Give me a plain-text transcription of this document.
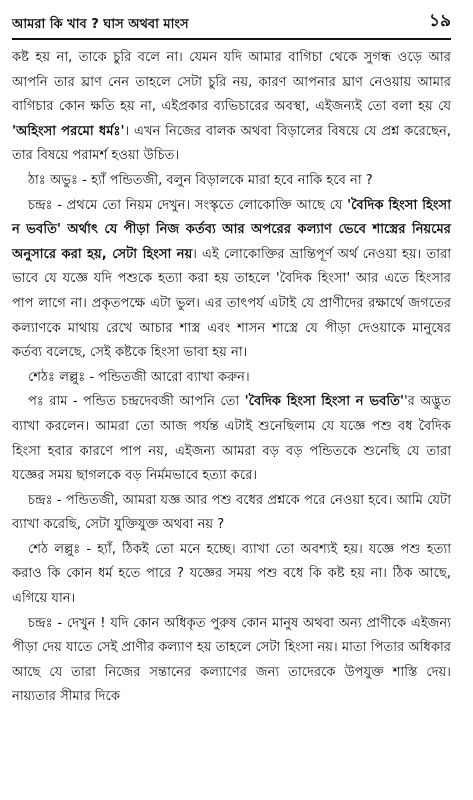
আমরা কি খাব ? ঘাস অথবা মাংস	১৯

কষ্ট হয় না, তাকে চুরি বলে না। যেমন যদি আমার বাগিচা থেকে সুগন্ধ ওড়ে আর আপনি তার ঘ্রাণ নেন তাহলে সেটা চুরি নয়, কারণ আপনার ঘ্রাণ নেওয়ায় আমার বাগিচার কোন ক্ষতি হয় না, এইপ্রকার ব্যভিচারের অবস্থা, এইজন্যই তো বলা হয় যে 'অহিংসা পরমো ধর্মঃ'। এখন নিজের বালক অথবা বিড়ালের বিষয়ে যে প্রশ্ন করেছেন, তার বিষয়ে পরামর্শ হওয়া উচিত।

ঠাঃ অভুঃ - হ্যাঁ পন্ডিতজী, বলুন বিড়ালকে মারা হবে নাকি হবে না ?

চন্দ্রঃ - প্রথমে তো নিয়ম দেখুন। সংস্কৃতে লোকোক্তি আছে যে 'বৈদিক হিংসা হিংসা ন ভবতি' অর্থাৎ যে পীড়া নিজ কর্তব্য আর অপরের কল্যাণ ভেবে শাস্ত্রের নিয়মের অনুসারে করা হয়, সেটা হিংসা নয়। এই লোকোক্তির ভ্রান্তিপূর্ণ অর্থ নেওয়া হয়। তারা ভাবে যে যজ্ঞে যদি পশুকে হত্যা করা হয় তাহলে 'বৈদিক হিংসা' আর এতে হিংসার পাপ লাগে না। প্রকৃতপক্ষে এটা ভুল। এর তাৎপর্য এটাই যে প্রাণীদের রক্ষার্থে জগতের কল্যাণকে মাথায় রেখে আচার শাস্ত্র এবং শাসন শাস্ত্রে যে পীড়া দেওয়াকে মানুষের কর্তব্য বলেছে, সেই কষ্টকে হিংসা ভাবা হয় না।

শেঠঃ লল্লুঃ - পন্ডিতজী আরো ব্যাখা করুন।

পঃ রাম - পন্ডিত চন্দ্রদেবজী আপনি তো 'বৈদিক হিংসা হিংসা ন ভবতি''র অদ্ভুত ব্যাখা করলেন। আমরা তো আজ পর্যন্ত এটাই শুনেছিলাম যে যজ্ঞে পশু বধ বৈদিক হিংসা হবার কারণে পাপ নয়, এইজন্য আমরা বড় বড় পন্ডিতকে শুনেছি যে তারা যজ্ঞের সময় ছাগলকে বড় নির্মমভাবে হত্যা করে।

চন্দ্রঃ - পন্ডিতজী, আমরা যজ্ঞ আর পশু বধের প্রশ্নকে পরে নেওয়া হবে। আমি যেটা ব্যাখা করেছি, সেটা যুক্তিযুক্ত অথবা নয় ?

শেঠ লল্লুঃ - হ্যাঁ, ঠিকই তো মনে হচ্ছে। ব্যাখা তো অবশ্যই হয়। যজ্ঞে পশু হত্যা করাও কি কোন ধর্ম হতে পারে ? যজ্ঞের সময় পশু বধে কি কষ্ট হয় না। ঠিক আছে, এগিয়ে যান।

চন্দ্রঃ - দেখুন ! যদি কোন অধিকৃত পুরুষ কোন মানুষ অথবা অন্য প্রাণীকে এইজন্য পীড়া দেয় যাতে সেই প্রাণীর কল্যাণ হয় তাহলে সেটা হিংসা নয়। মাতা পিতার অধিকার আছে যে তারা নিজের সন্তানের কল্যাণের জন্য তাদেরকে উপযুক্ত শাস্তি দেয়। নায়্যতার সীমার দিকে
